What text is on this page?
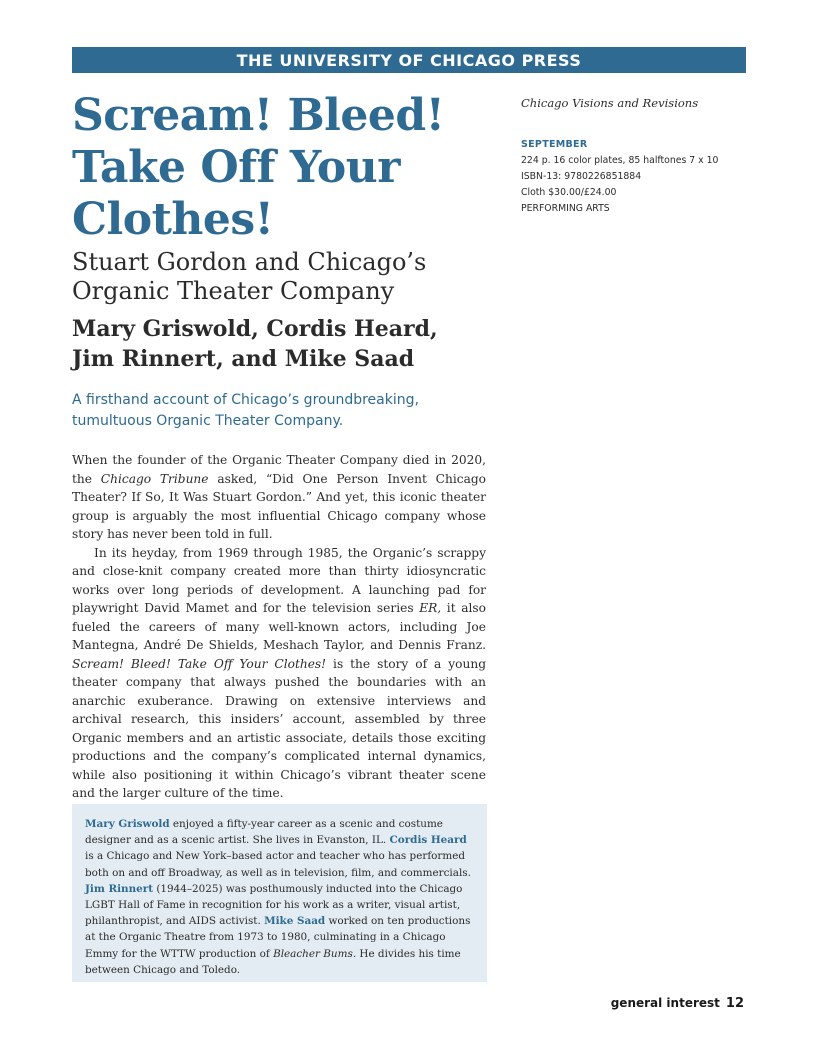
THE UNIVERSITY OF CHICAGO PRESS
Scream! Bleed!
Take Off Your
Clothes!
Stuart Gordon and Chicago’s
Organic Theater Company
Mary Griswold, Cordis Heard,
Jim Rinnert, and Mike Saad

A firsthand account of Chicago’s groundbreaking,
tumultuous Organic Theater Company.

When the founder of the Organic Theater Company died in 2020, the Chicago Tribune asked, “Did One Person Invent Chicago Theater? If So, It Was Stuart Gordon.” And yet, this iconic theater group is arguably the most influential Chicago company whose story has never been told in full.

In its heyday, from 1969 through 1985, the Organic’s scrappy and close-knit company created more than thirty idiosyncratic works over long periods of development. A launching pad for playwright David Mamet and for the television series ER, it also fueled the careers of many well-known actors, including Joe Mantegna, André De Shields, Meshach Taylor, and Dennis Franz. Scream! Bleed! Take Off Your Clothes! is the story of a young theater company that always pushed the boundaries with an anarchic exuberance. Drawing on extensive interviews and archival research, this insiders’ account, assembled by three Organic members and an artistic associate, details those exciting productions and the company’s complicated internal dynamics, while also positioning it within Chicago’s vibrant theater scene and the larger culture of the time.

Mary Griswold enjoyed a fifty-year career as a scenic and costume designer and as a scenic artist. She lives in Evanston, IL. Cordis Heard is a Chicago and New York–based actor and teacher who has performed both on and off Broadway, as well as in television, film, and commercials. Jim Rinnert (1944–2025) was posthumously inducted into the Chicago LGBT Hall of Fame in recognition for his work as a writer, visual artist, philanthropist, and AIDS activist. Mike Saad worked on ten productions at the Organic Theatre from 1973 to 1980, culminating in a Chicago Emmy for the WTTW production of Bleacher Bums. He divides his time between Chicago and Toledo.

Chicago Visions and Revisions

SEPTEMBER
224 p. 16 color plates, 85 halftones 7 x 10
ISBN-13: 9780226851884
Cloth $30.00/£24.00
PERFORMING ARTS
general interest 12
